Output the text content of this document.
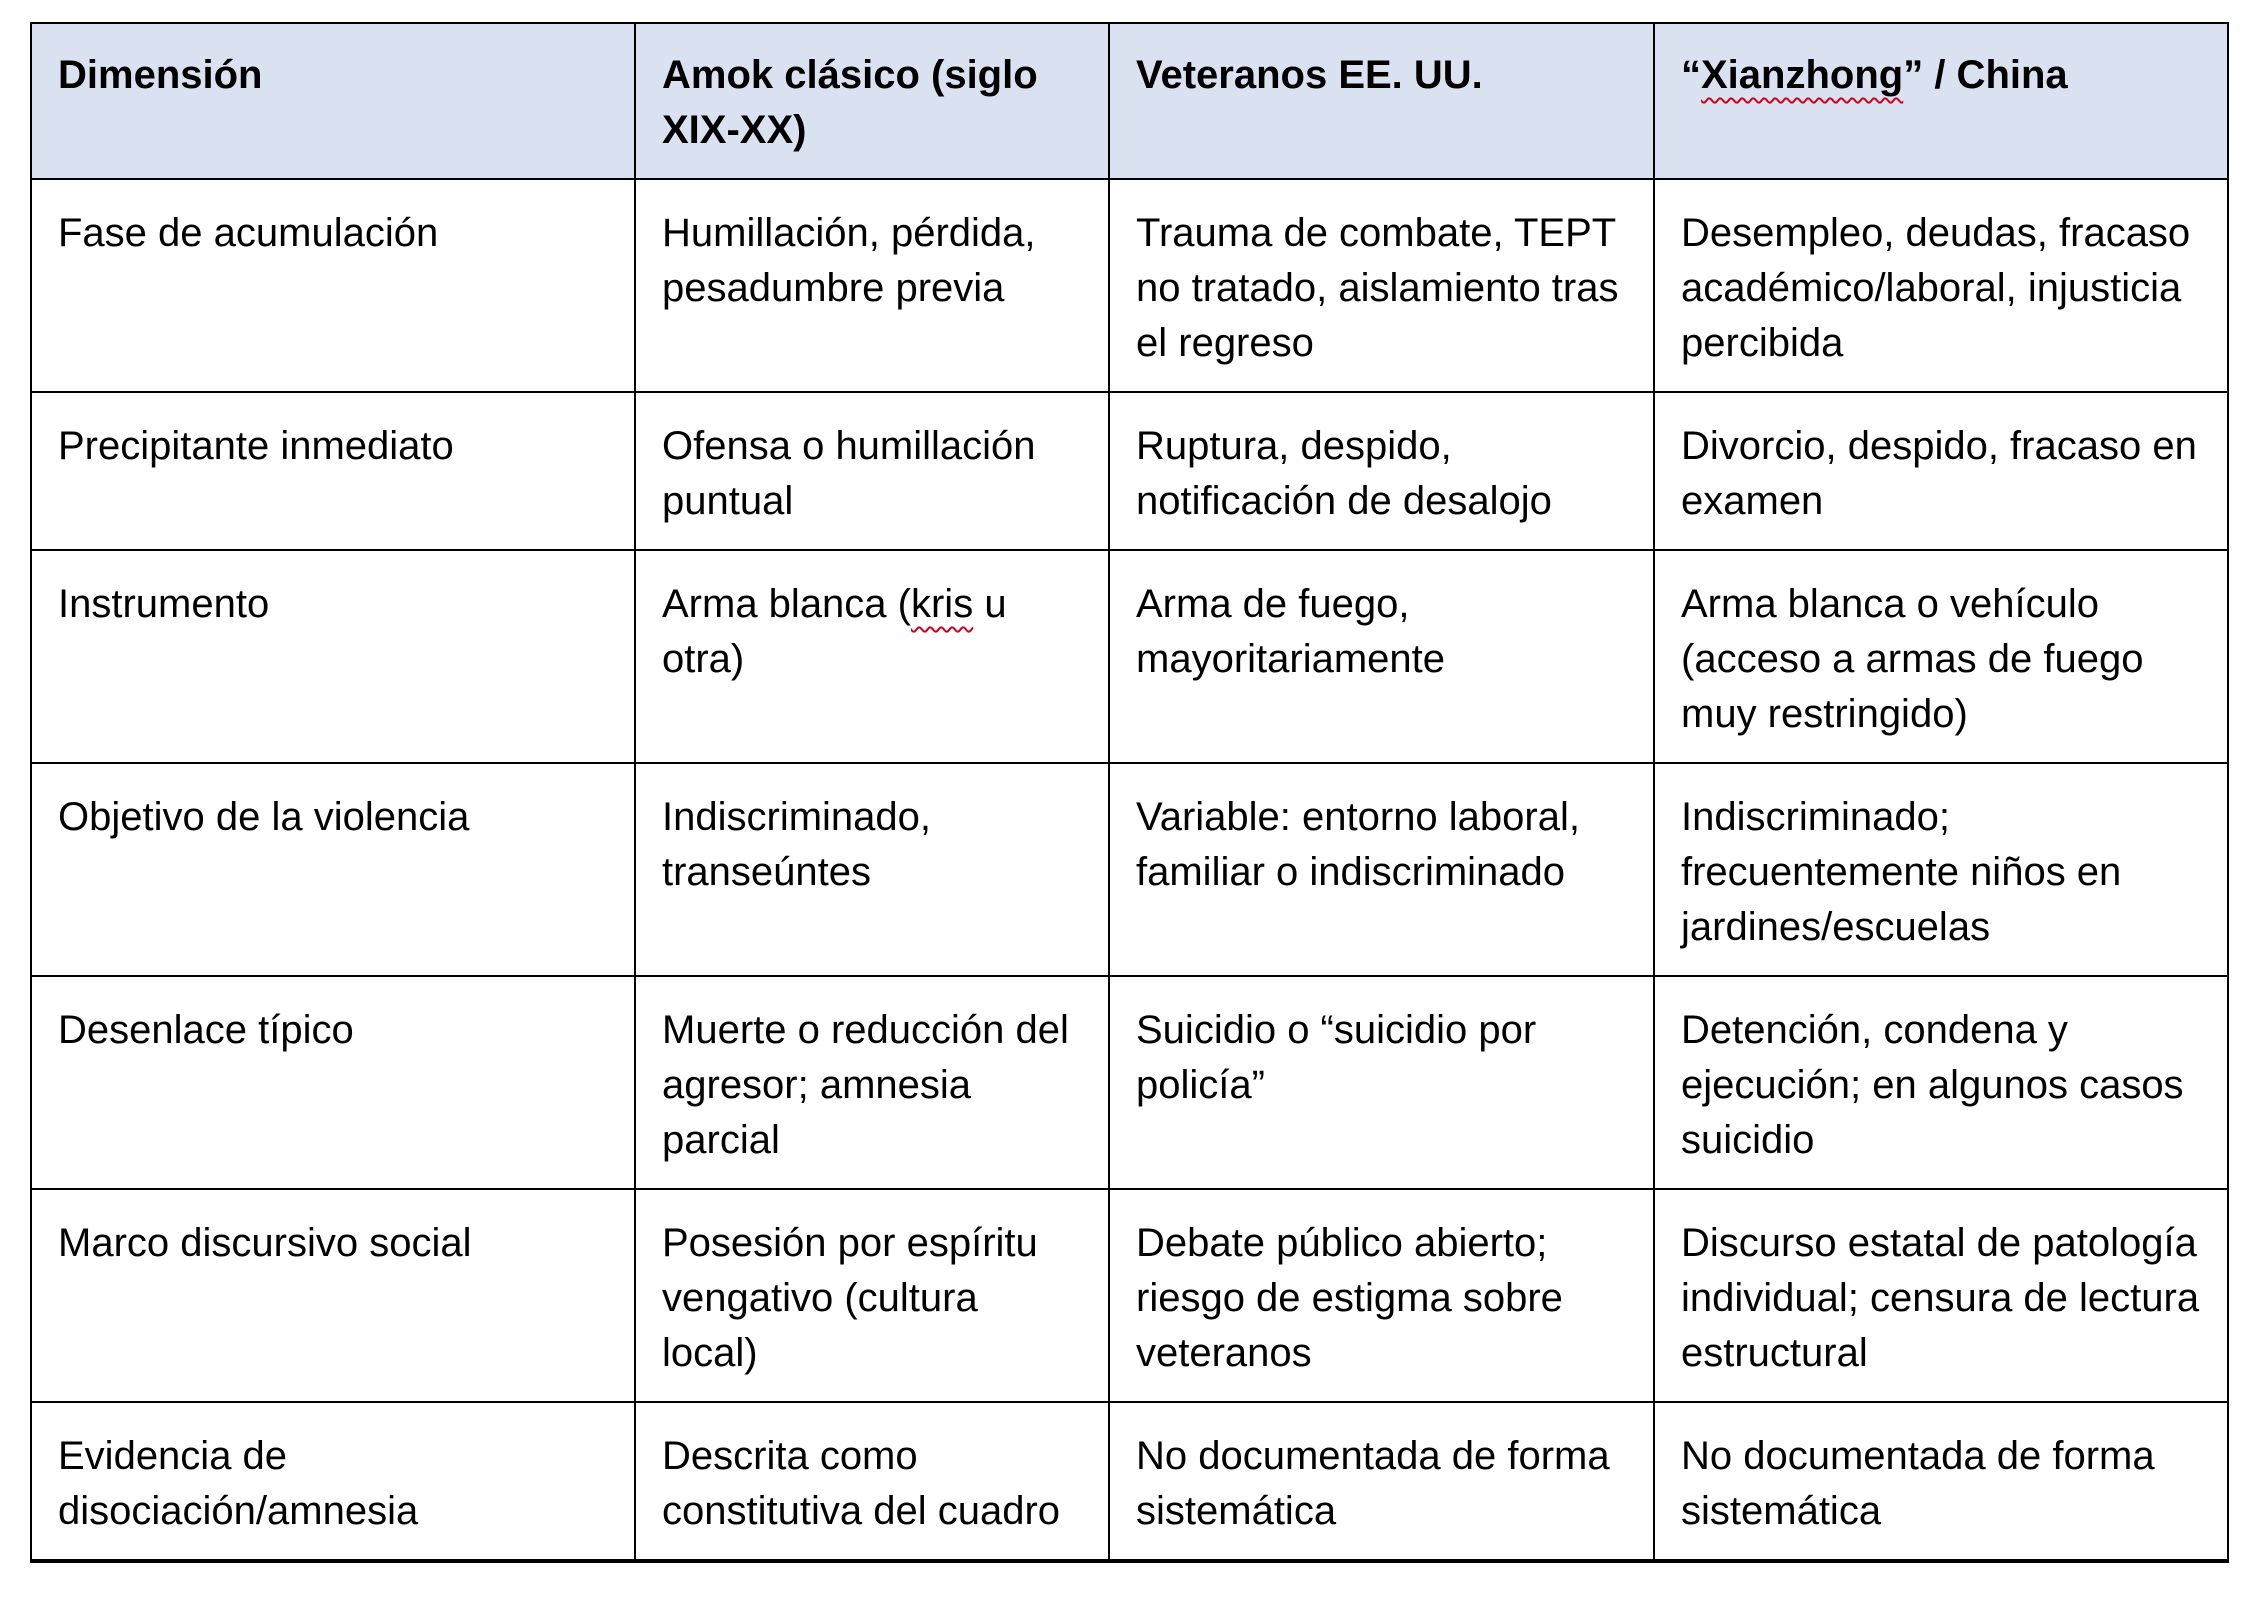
Dimensión	Amok clásico (siglo XIX-XX)	Veteranos EE. UU.	“Xianzhong” / China
Fase de acumulación	Humillación, pérdida, pesadumbre previa	Trauma de combate, TEPT no tratado, aislamiento tras el regreso	Desempleo, deudas, fracaso académico/laboral, injusticia percibida
Precipitante inmediato	Ofensa o humillación puntual	Ruptura, despido, notificación de desalojo	Divorcio, despido, fracaso en examen
Instrumento	Arma blanca (kris u otra)	Arma de fuego, mayoritariamente	Arma blanca o vehículo (acceso a armas de fuego muy restringido)
Objetivo de la violencia	Indiscriminado, transeúntes	Variable: entorno laboral, familiar o indiscriminado	Indiscriminado; frecuentemente niños en jardines/escuelas
Desenlace típico	Muerte o reducción del agresor; amnesia parcial	Suicidio o “suicidio por policía”	Detención, condena y ejecución; en algunos casos suicidio
Marco discursivo social	Posesión por espíritu vengativo (cultura local)	Debate público abierto; riesgo de estigma sobre veteranos	Discurso estatal de patología individual; censura de lectura estructural
Evidencia de disociación/amnesia	Descrita como constitutiva del cuadro	No documentada de forma sistemática	No documentada de forma sistemática
